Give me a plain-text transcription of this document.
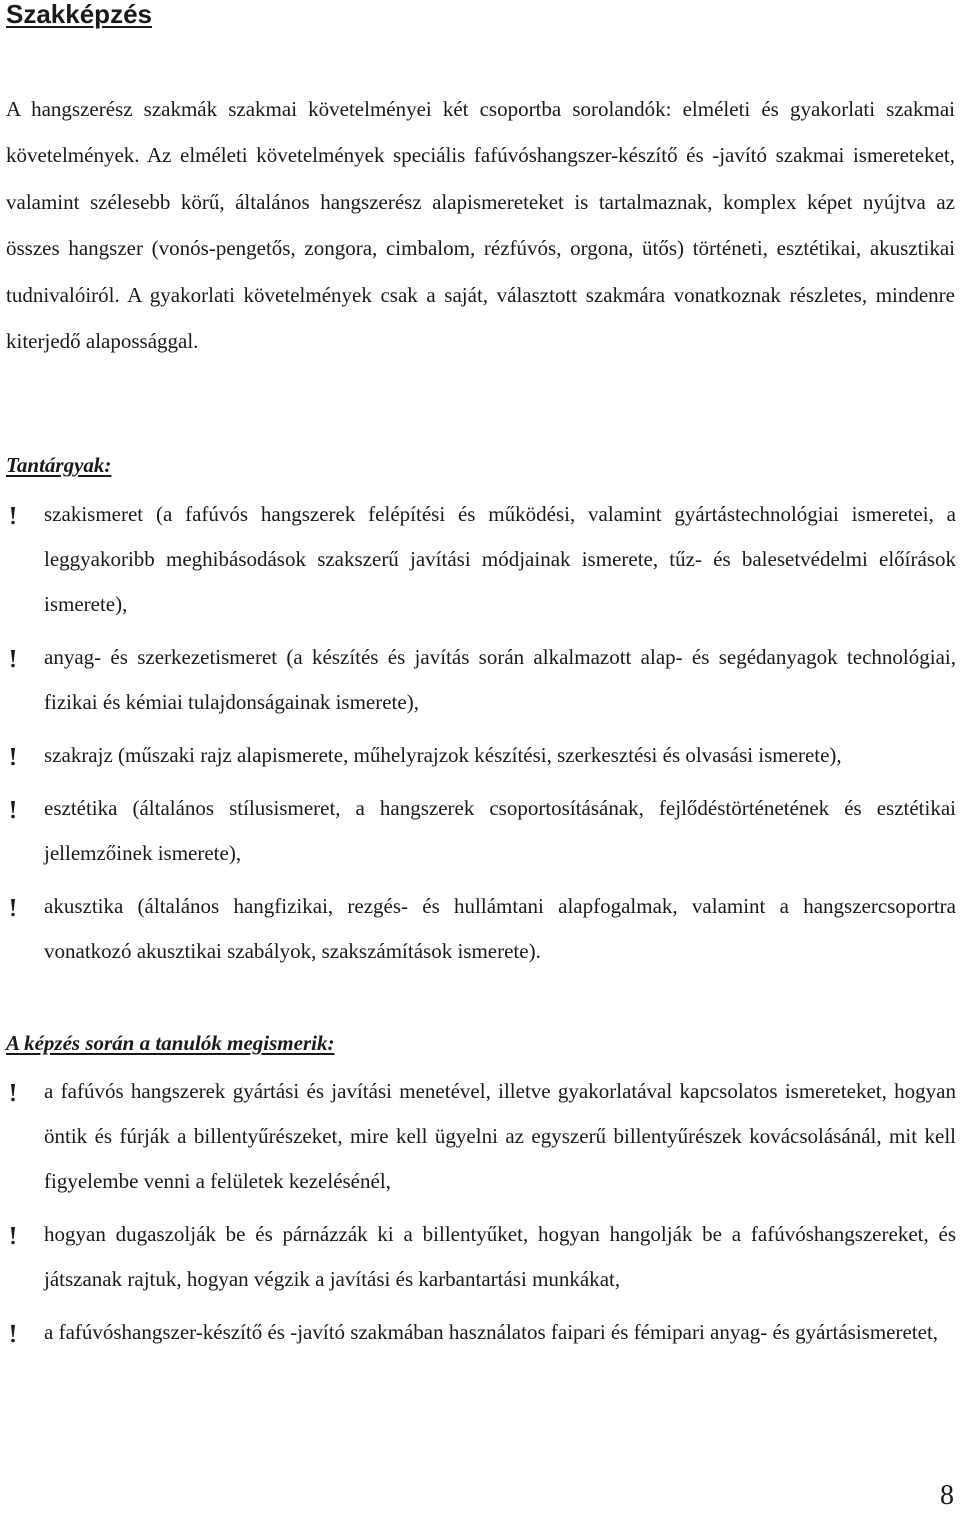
Szakképzés

A hangszerész szakmák szakmai követelményei két csoportba sorolandók: elméleti és gyakorlati szakmai követelmények. Az elméleti követelmények speciális fafúvóshangszer-készítő és -javító szakmai ismereteket, valamint szélesebb körű, általános hangszerész alapismereteket is tartalmaznak, komplex képet nyújtva az összes hangszer (vonós-pengetős, zongora, cimbalom, rézfúvós, orgona, ütős) történeti, esztétikai, akusztikai tudnivalóiról. A gyakorlati követelmények csak a saját, választott szakmára vonatkoznak részletes, mindenre kiterjedő alapossággal.

Tantárgyak:
szakismeret (a fafúvós hangszerek felépítési és működési, valamint gyártástechnológiai ismeretei, a leggyakoribb meghibásodások szakszerű javítási módjainak ismerete, tűz- és balesetvédelmi előírások ismerete),
anyag- és szerkezetismeret (a készítés és javítás során alkalmazott alap- és segédanyagok technológiai, fizikai és kémiai tulajdonságainak ismerete),
szakrajz (műszaki rajz alapismerete, műhelyrajzok készítési, szerkesztési és olvasási ismerete),
esztétika (általános stílusismeret, a hangszerek csoportosításának, fejlődéstörténetének és esztétikai jellemzőinek ismerete),
akusztika (általános hangfizikai, rezgés- és hullámtani alapfogalmak, valamint a hangszercsoportra vonatkozó akusztikai szabályok, szakszámítások ismerete).
A képzés során a tanulók megismerik:
a fafúvós hangszerek gyártási és javítási menetével, illetve gyakorlatával kapcsolatos ismereteket, hogyan öntik és fúrják a billentyűrészeket, mire kell ügyelni az egyszerű billentyűrészek kovácsolásánál, mit kell figyelembe venni a felületek kezelésénél,
hogyan dugaszolják be és párnázzák ki a billentyűket, hogyan hangolják be a fafúvóshangszereket, és játszanak rajtuk, hogyan végzik a javítási és karbantartási munkákat,
a fafúvóshangszer-készítő és -javító szakmában használatos faipari és fémipari anyag- és gyártásismeretet,

8
